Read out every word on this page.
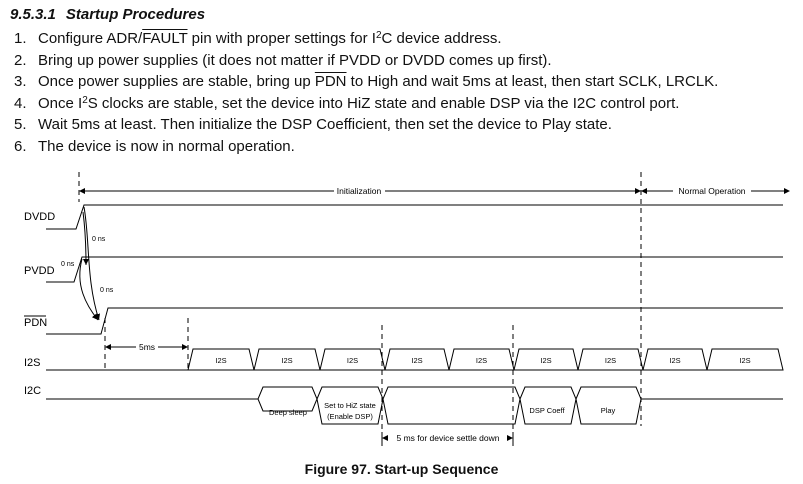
9.5.3.1 Startup Procedures
1. Configure ADR/FAULT pin with proper settings for $I^2C$ device address.
2. Bring up power supplies (it does not matter if PVDD or DVDD comes up first).
3. Once power supplies are stable, bring up $\overline{PDN}$ to High and wait 5ms at least, then start SCLK, LRCLK.
4. Once $I^2S$ clocks are stable, set the device into HiZ state and enable DSP via the I2C control port.
5. Wait 5ms at least. Then initialize the DSP Coefficient, then set the device to Play state.
6. The device is now in normal operation.
Initialization	Normal Operation
DVDD
PVDD
PDN
I2S
I2C
0 ns
0 ns
0 ns
5ms
I2S	I2S	I2S	I2S	I2S	I2S	I2S	I2S	I2S
Deep sleep
Set to HiZ state
(Enable DSP)
DSP Coeff	Play
5 ms for device settle down
Figure 97. Start-up Sequence
